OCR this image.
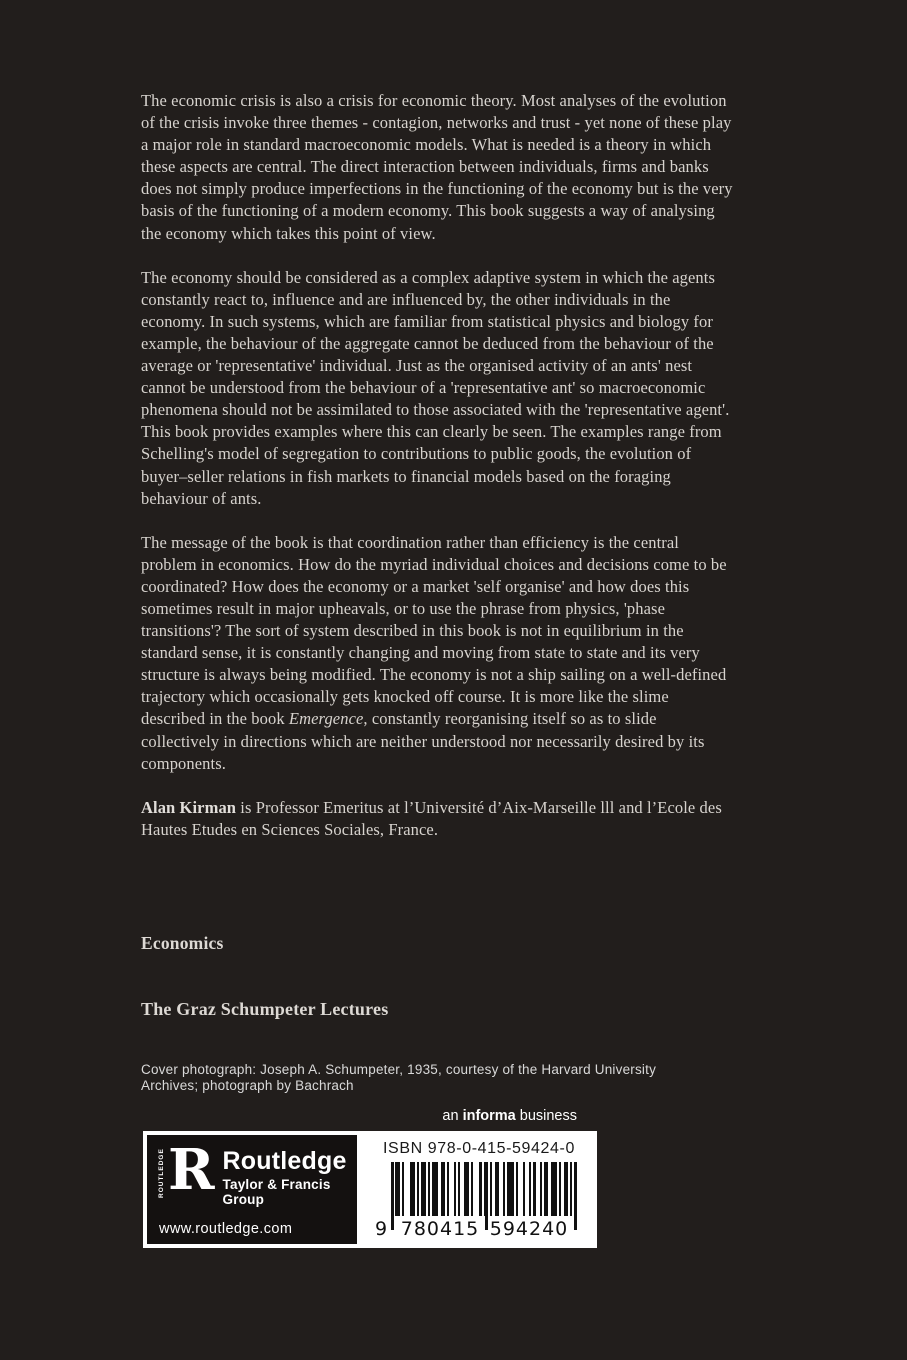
The economic crisis is also a crisis for economic theory. Most analyses of the evolution of the crisis invoke three themes - contagion, networks and trust - yet none of these play a major role in standard macroeconomic models. What is needed is a theory in which these aspects are central. The direct interaction between individuals, firms and banks does not simply produce imperfections in the functioning of the economy but is the very basis of the functioning of a modern economy. This book suggests a way of analysing the economy which takes this point of view.

The economy should be considered as a complex adaptive system in which the agents constantly react to, influence and are influenced by, the other individuals in the economy. In such systems, which are familiar from statistical physics and biology for example, the behaviour of the aggregate cannot be deduced from the behaviour of the average or 'representative' individual. Just as the organised activity of an ants' nest cannot be understood from the behaviour of a 'representative ant' so macroeconomic phenomena should not be assimilated to those associated with the 'representative agent'. This book provides examples where this can clearly be seen. The examples range from Schelling's model of segregation to contributions to public goods, the evolution of buyer–seller relations in fish markets to financial models based on the foraging behaviour of ants.

The message of the book is that coordination rather than efficiency is the central problem in economics. How do the myriad individual choices and decisions come to be coordinated? How does the economy or a market 'self organise' and how does this sometimes result in major upheavals, or to use the phrase from physics, 'phase transitions'? The sort of system described in this book is not in equilibrium in the standard sense, it is constantly changing and moving from state to state and its very structure is always being modified. The economy is not a ship sailing on a well-defined trajectory which occasionally gets knocked off course. It is more like the slime described in the book Emergence, constantly reorganising itself so as to slide collectively in directions which are neither understood nor necessarily desired by its components.

Alan Kirman is Professor Emeritus at l’Université d’Aix-Marseille lll and l’Ecole des Hautes Etudes en Sciences Sociales, France.

Economics
The Graz Schumpeter Lectures
Cover photograph: Joseph A. Schumpeter, 1935, courtesy of the Harvard University
Archives; photograph by Bachrach
an informa business
ROUTLEDGE R Routledge
Taylor & Francis Group
www.routledge.com
ISBN 978-0-415-59424-0
9 780415 594240
